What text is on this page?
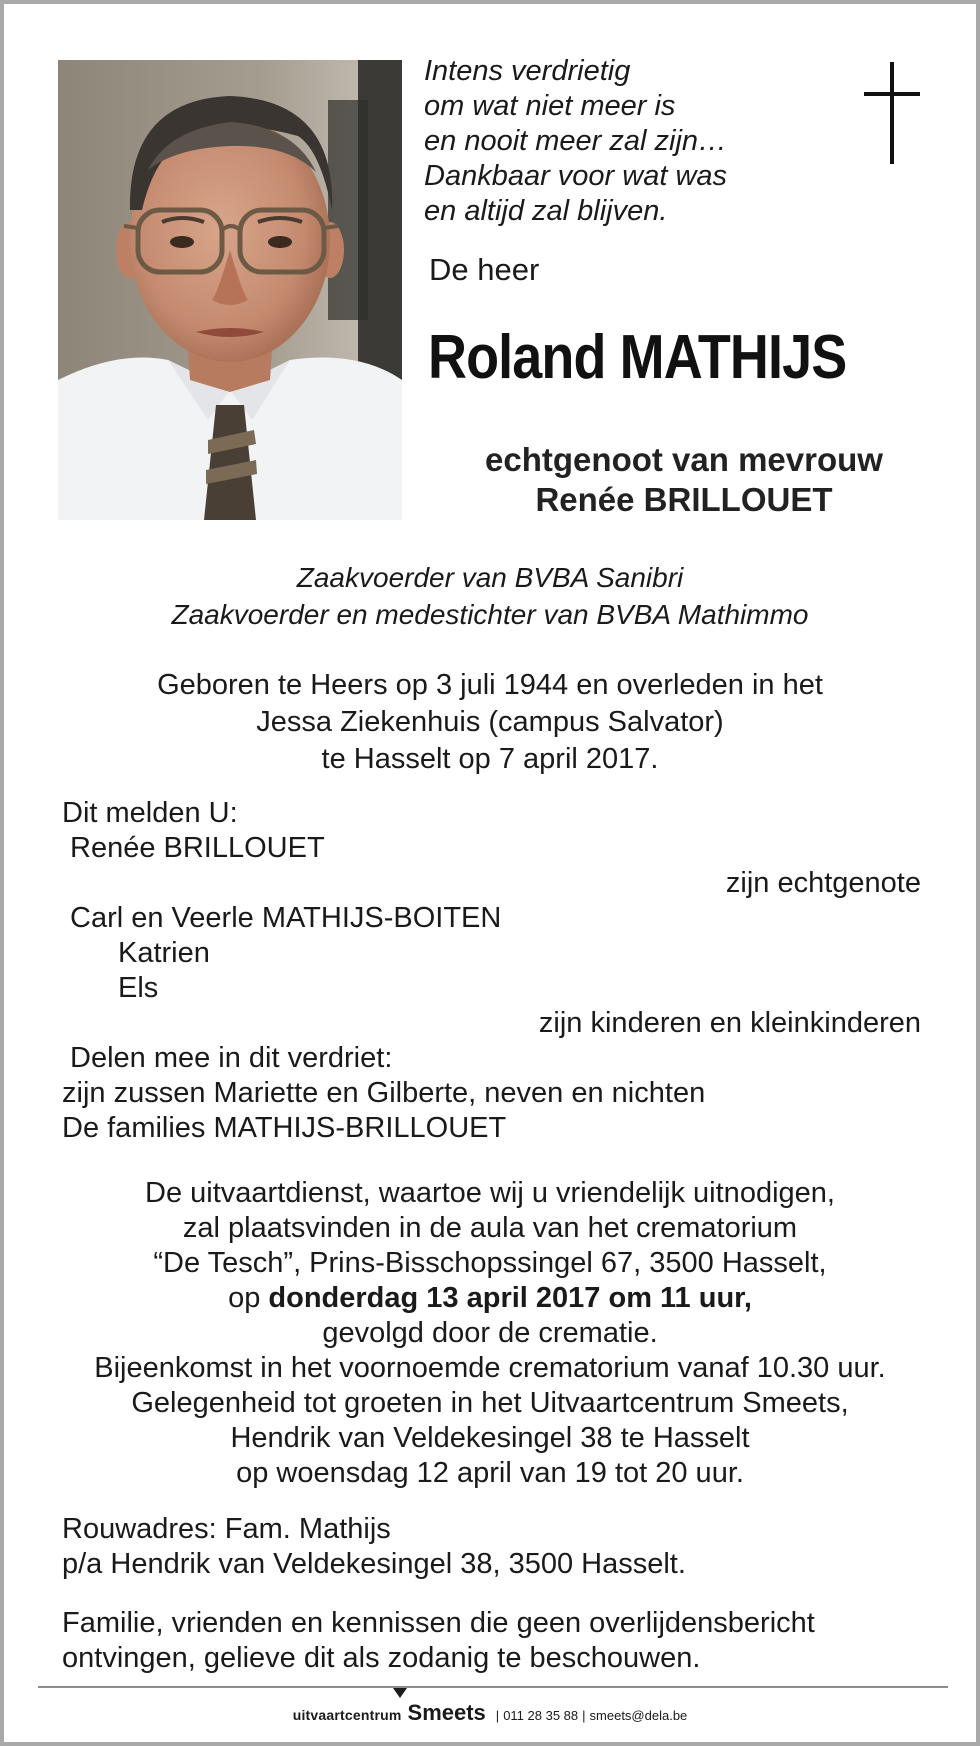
Intens verdrietig
om wat niet meer is
en nooit meer zal zijn…
Dankbaar voor wat was
en altijd zal blijven.
De heer
Roland MATHIJS
echtgenoot van mevrouw
Renée BRILLOUET
Zaakvoerder van BVBA Sanibri
Zaakvoerder en medestichter van BVBA Mathimmo
Geboren te Heers op 3 juli 1944 en overleden in het
Jessa Ziekenhuis (campus Salvator)
te Hasselt op 7 april 2017.
Dit melden U:
Renée BRILLOUET
zijn echtgenote
Carl en Veerle MATHIJS-BOITEN
Katrien
Els
zijn kinderen en kleinkinderen
Delen mee in dit verdriet:
zijn zussen Mariette en Gilberte, neven en nichten
De families MATHIJS-BRILLOUET
De uitvaartdienst, waartoe wij u vriendelijk uitnodigen,
zal plaatsvinden in de aula van het crematorium
“De Tesch”, Prins-Bisschopssingel 67, 3500 Hasselt,
op donderdag 13 april 2017 om 11 uur,
gevolgd door de crematie.
Bijeenkomst in het voornoemde crematorium vanaf 10.30 uur.
Gelegenheid tot groeten in het Uitvaartcentrum Smeets,
Hendrik van Veldekesingel 38 te Hasselt
op woensdag 12 april van 19 tot 20 uur.
Rouwadres: Fam. Mathijs
p/a Hendrik van Veldekesingel 38, 3500 Hasselt.
Familie, vrienden en kennissen die geen overlijdensbericht
ontvingen, gelieve dit als zodanig te beschouwen.
uitvaartcentrum Smeets | 011 28 35 88 | smeets@dela.be
